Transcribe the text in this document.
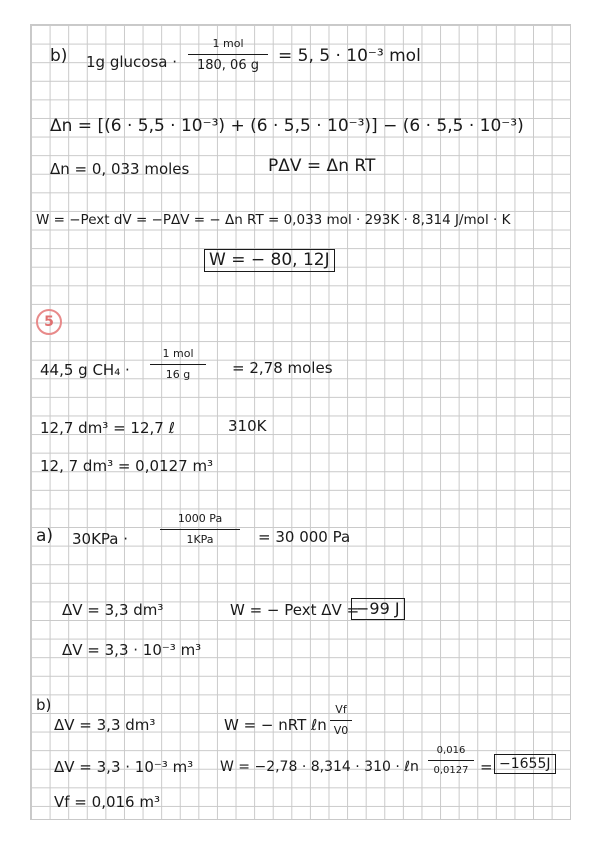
b) 1g glucosa ·
1 mol
180, 06 g = 5, 5 · 10⁻³ mol
Δn = [(6 · 5,5 · 10⁻³) + (6 · 5,5 · 10⁻³)] − (6 · 5,5 · 10⁻³)
Δn = 0, 033 moles	PΔV = Δn RT
W = −Pext dV = −PΔV = − Δn RT = 0,033 mol · 293K · 8,314 J/mol · K
W = − 80, 12J
5
44,5 g CH₄ ·
1 mol
16 g	= 2,78 moles
12,7 dm³ = 12,7 ℓ	310K
12, 7 dm³ = 0,0127 m³
a) 30KPa ·
1000 Pa
1KPa	= 30 000 Pa
ΔV = 3,3 dm³	W = − Pext ΔV =
−99 J
ΔV = 3,3 · 10⁻³ m³
b)
ΔV = 3,3 dm³	W = − nRT ℓn
Vf
V0
ΔV = 3,3 · 10⁻³ m³ W = −2,78 · 8,314 · 310 · ℓn
0,016
0,0127 = −1655J
Vf = 0,016 m³
